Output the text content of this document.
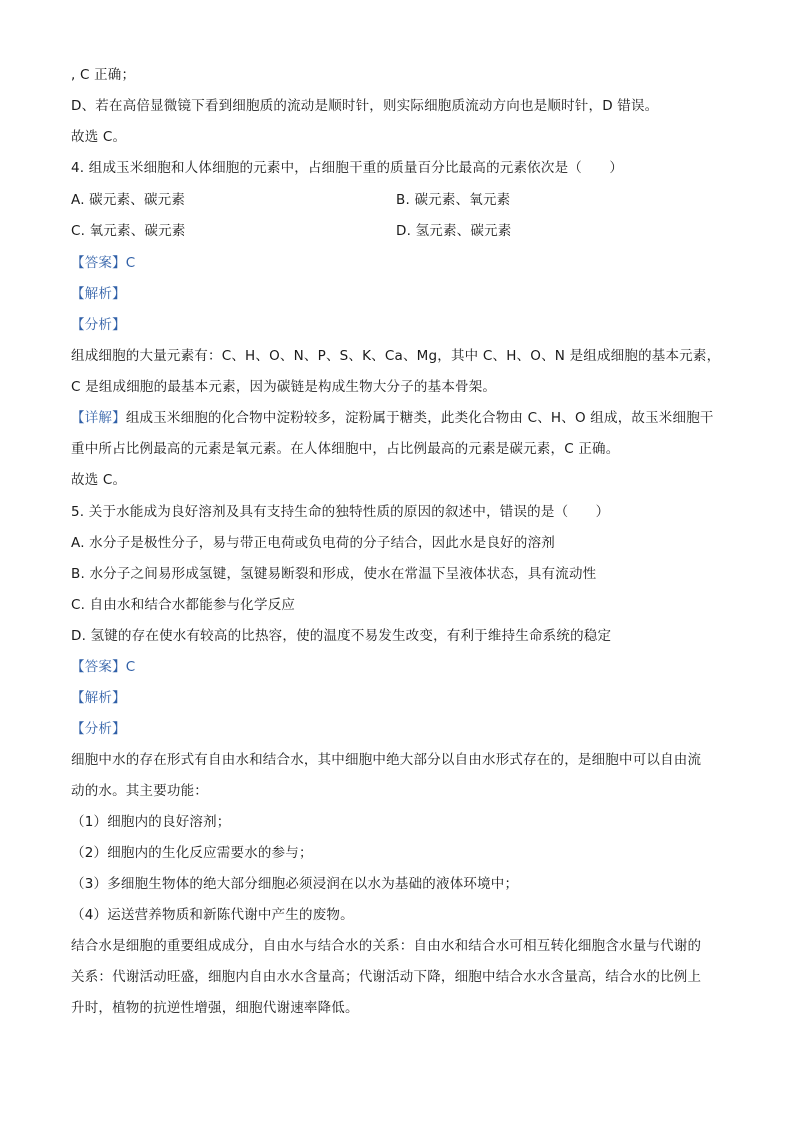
, C 正确；
D、若在高倍显微镜下看到细胞质的流动是顺时针，则实际细胞质流动方向也是顺时针，D 错误。
故选 C。
4. 组成玉米细胞和人体细胞的元素中，占细胞干重的质量百分比最高的元素依次是（　　）
A. 碳元素、碳元素	B. 碳元素、氧元素
C. 氧元素、碳元素	D. 氢元素、碳元素
【答案】C
【解析】
【分析】
组成细胞的大量元素有：C、H、O、N、P、S、K、Ca、Mg，其中 C、H、O、N 是组成细胞的基本元素，
C 是组成细胞的最基本元素，因为碳链是构成生物大分子的基本骨架。
【详解】组成玉米细胞的化合物中淀粉较多，淀粉属于糖类，此类化合物由 C、H、O 组成，故玉米细胞干
重中所占比例最高的元素是氧元素。在人体细胞中，占比例最高的元素是碳元素，C 正确。
故选 C。
5. 关于水能成为良好溶剂及具有支持生命的独特性质的原因的叙述中，错误的是（　　）
A. 水分子是极性分子，易与带正电荷或负电荷的分子结合，因此水是良好的溶剂
B. 水分子之间易形成氢键，氢键易断裂和形成，使水在常温下呈液体状态，具有流动性
C. 自由水和结合水都能参与化学反应
D. 氢键的存在使水有较高的比热容，使的温度不易发生改变，有利于维持生命系统的稳定
【答案】C
【解析】
【分析】
细胞中水的存在形式有自由水和结合水，其中细胞中绝大部分以自由水形式存在的，是细胞中可以自由流
动的水。其主要功能：
（1）细胞内的良好溶剂；
（2）细胞内的生化反应需要水的参与；
（3）多细胞生物体的绝大部分细胞必须浸润在以水为基础的液体环境中；
（4）运送营养物质和新陈代谢中产生的废物。
结合水是细胞的重要组成成分，自由水与结合水的关系：自由水和结合水可相互转化细胞含水量与代谢的
关系：代谢活动旺盛，细胞内自由水水含量高；代谢活动下降，细胞中结合水水含量高，结合水的比例上
升时，植物的抗逆性增强，细胞代谢速率降低。
